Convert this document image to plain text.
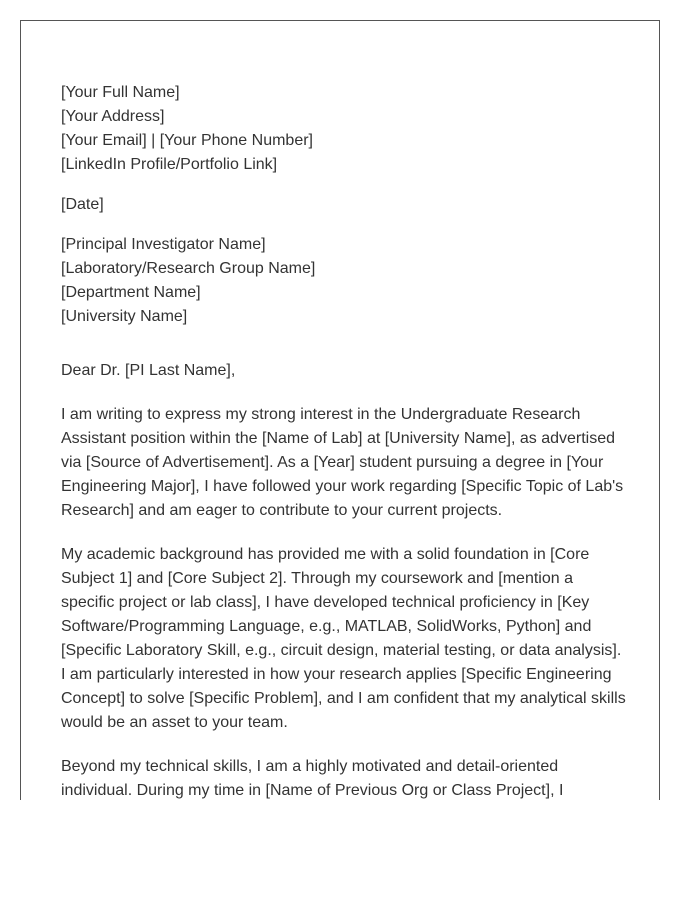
[Your Full Name]
[Your Address]
[Your Email] | [Your Phone Number]
[LinkedIn Profile/Portfolio Link]
[Date]
[Principal Investigator Name]
[Laboratory/Research Group Name]
[Department Name]
[University Name]

Dear Dr. [PI Last Name],

I am writing to express my strong interest in the Undergraduate Research Assistant position within the [Name of Lab] at [University Name], as advertised via [Source of Advertisement]. As a [Year] student pursuing a degree in [Your Engineering Major], I have followed your work regarding [Specific Topic of Lab's Research] and am eager to contribute to your current projects.

My academic background has provided me with a solid foundation in [Core Subject 1] and [Core Subject 2]. Through my coursework and [mention a specific project or lab class], I have developed technical proficiency in [Key Software/Programming Language, e.g., MATLAB, SolidWorks, Python] and [Specific Laboratory Skill, e.g., circuit design, material testing, or data analysis]. I am particularly interested in how your research applies [Specific Engineering Concept] to solve [Specific Problem], and I am confident that my analytical skills would be an asset to your team.

Beyond my technical skills, I am a highly motivated and detail-oriented individual. During my time in [Name of Previous Org or Class Project], I
